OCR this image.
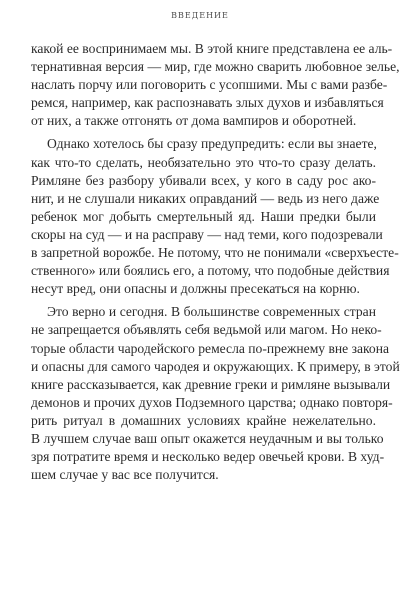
ВВЕДЕНИЕ
какой ее воспринимаем мы. В этой книге представлена ее аль-
тернативная версия — мир, где можно сварить любовное зелье,
наслать порчу или поговорить с усопшими. Мы с вами разбе-
ремся, например, как распознавать злых духов и избавляться
от них, а также отгонять от дома вампиров и оборотней.
Однако хотелось бы сразу предупредить: если вы знаете,
как что-то сделать, необязательно это что-то сразу делать.
Римляне без разбору убивали всех, у кого в саду рос ако-
нит, и не слушали никаких оправданий — ведь из него даже
ребенок мог добыть смертельный яд. Наши предки были
скоры на суд — и на расправу — над теми, кого подозревали
в запретной ворожбе. Не потому, что не понимали «сверхъесте-
ственного» или боялись его, а потому, что подобные действия
несут вред, они опасны и должны пресекаться на корню.
Это верно и сегодня. В большинстве современных стран
не запрещается объявлять себя ведьмой или магом. Но неко-
торые области чародейского ремесла по-прежнему вне закона
и опасны для самого чародея и окружающих. К примеру, в этой
книге рассказывается, как древние греки и римляне вызывали
демонов и прочих духов Подземного царства; однако повторя-
рить ритуал в домашних условиях крайне нежелательно.
В лучшем случае ваш опыт окажется неудачным и вы только
зря потратите время и несколько ведер овечьей крови. В худ-
шем случае у вас все получится.
